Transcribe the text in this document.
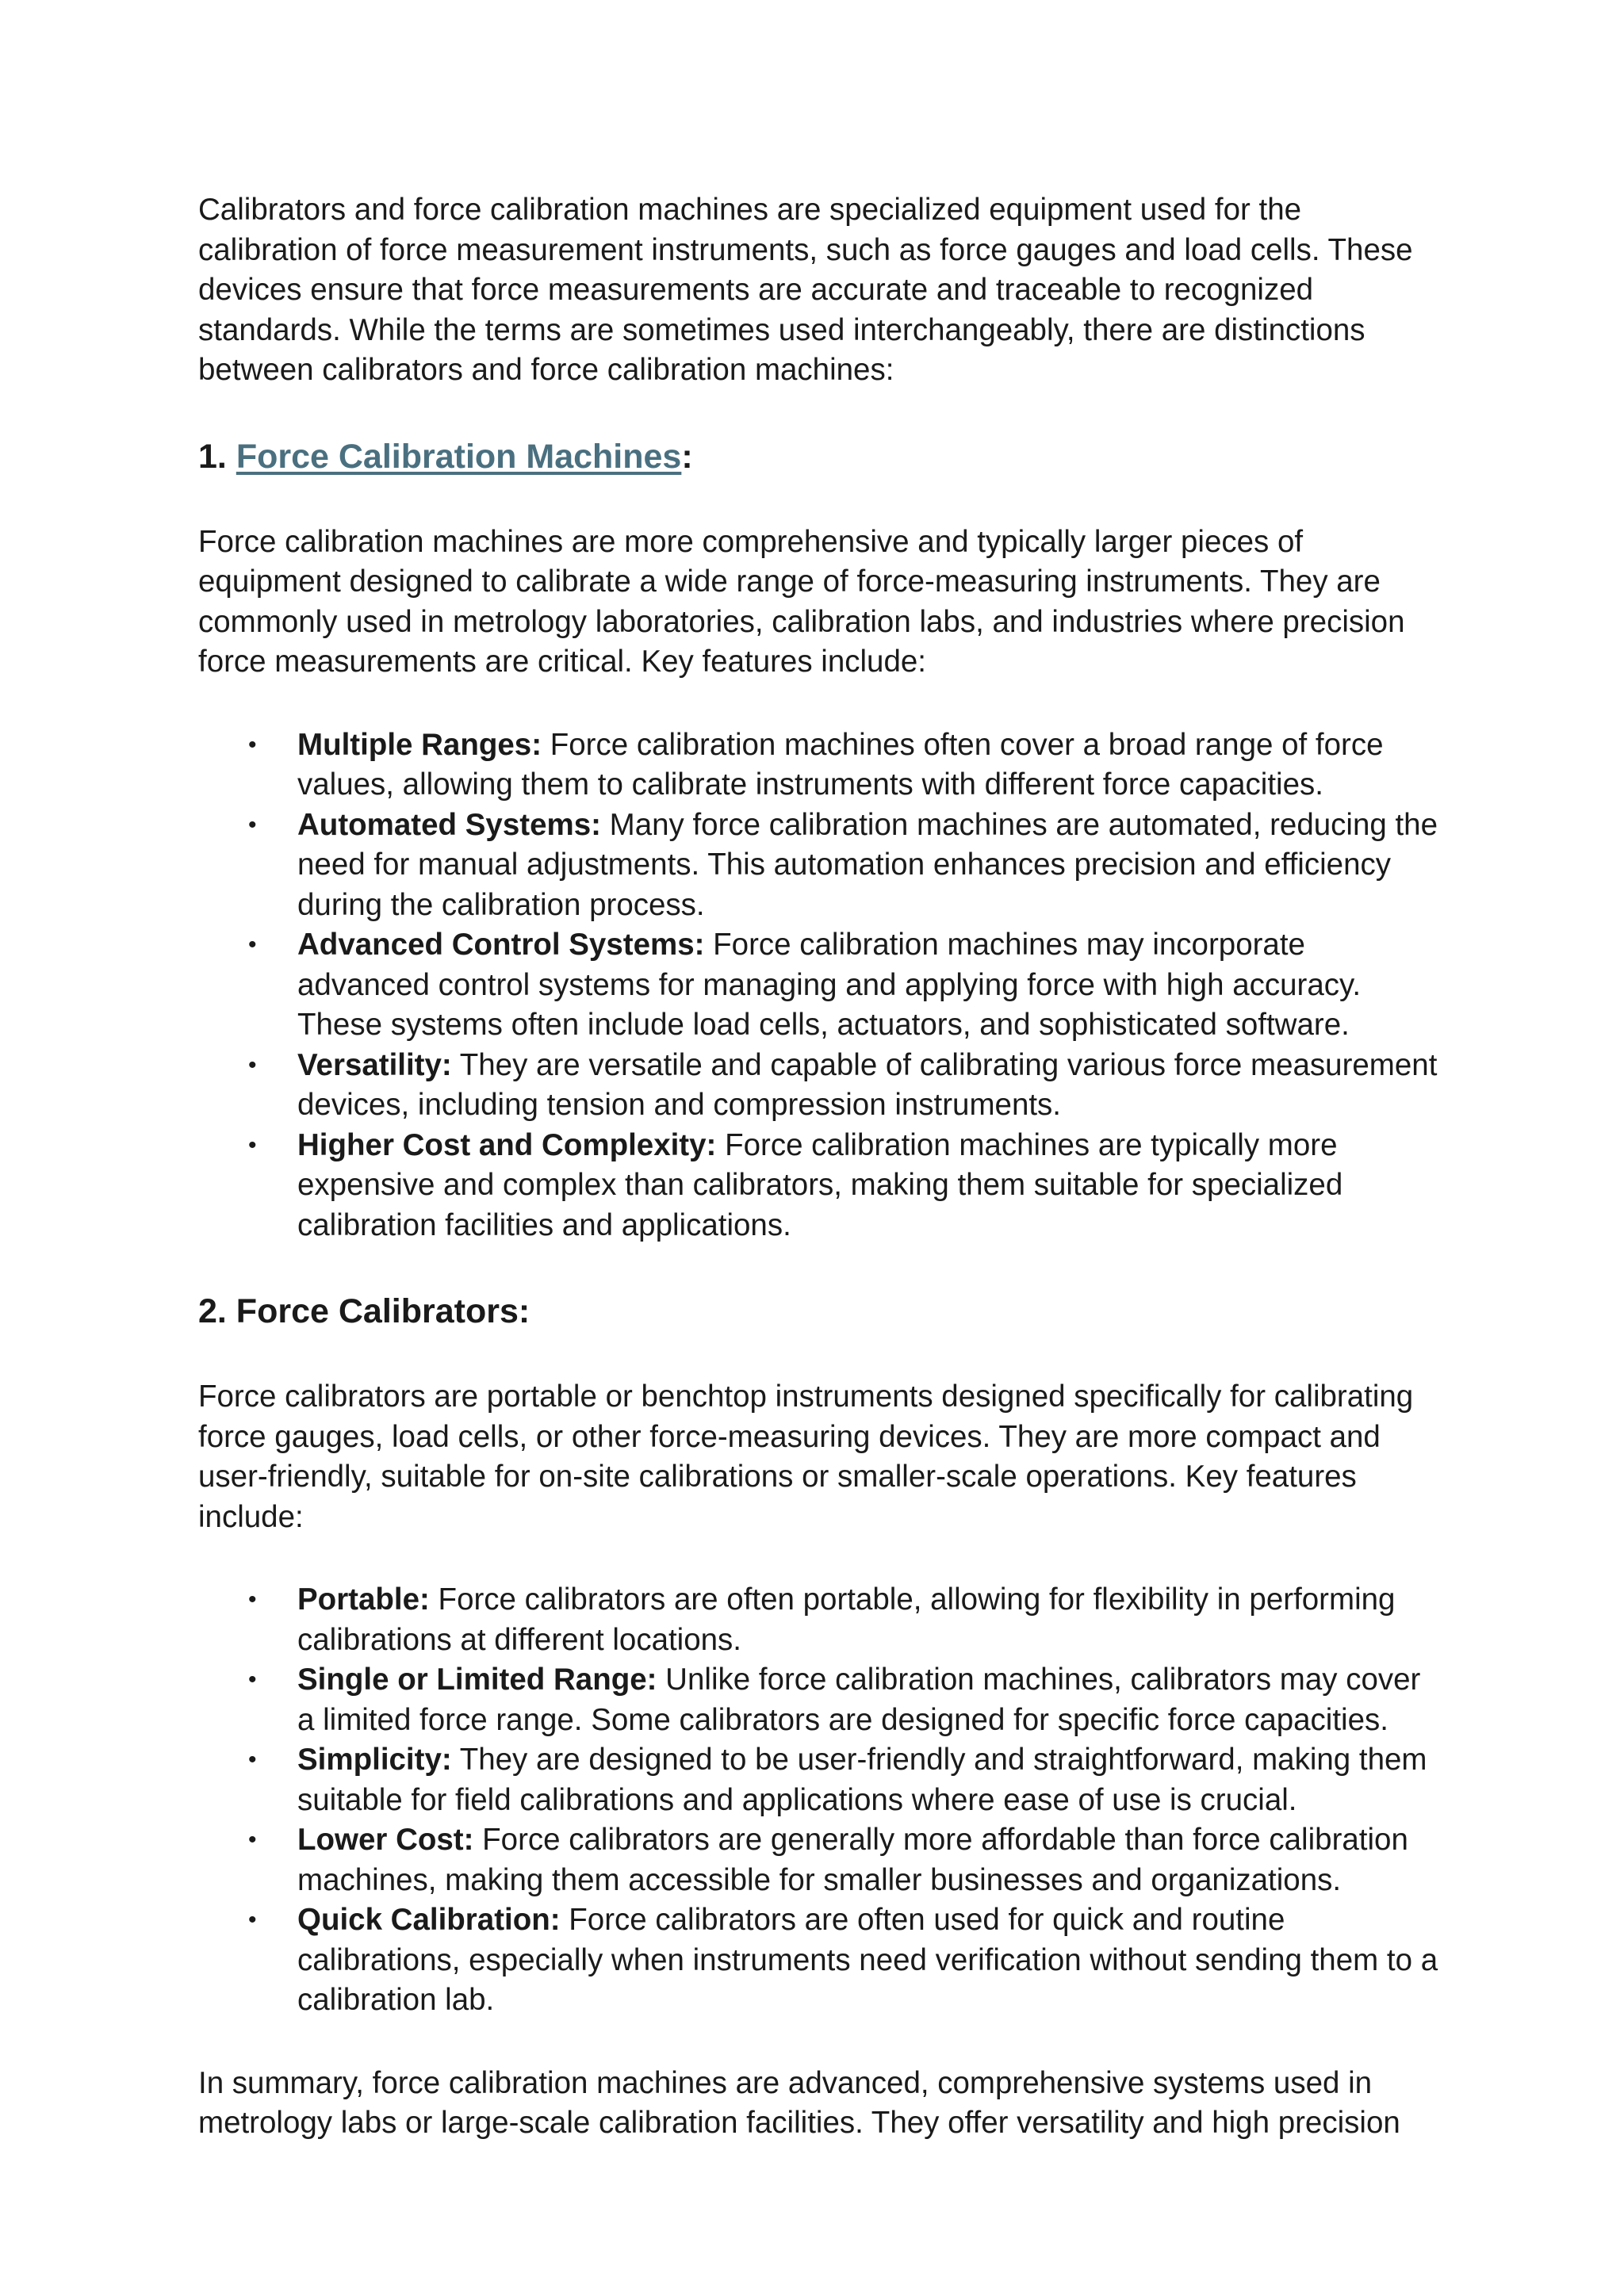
Calibrators and force calibration machines are specialized equipment used for the calibration of force measurement instruments, such as force gauges and load cells. These devices ensure that force measurements are accurate and traceable to recognized standards. While the terms are sometimes used interchangeably, there are distinctions between calibrators and force calibration machines:

1. Force Calibration Machines:

Force calibration machines are more comprehensive and typically larger pieces of equipment designed to calibrate a wide range of force-measuring instruments. They are commonly used in metrology laboratories, calibration labs, and industries where precision force measurements are critical. Key features include:

• Multiple Ranges: Force calibration machines often cover a broad range of force values, allowing them to calibrate instruments with different force capacities.
• Automated Systems: Many force calibration machines are automated, reducing the need for manual adjustments. This automation enhances precision and efficiency during the calibration process.
• Advanced Control Systems: Force calibration machines may incorporate advanced control systems for managing and applying force with high accuracy. These systems often include load cells, actuators, and sophisticated software.
• Versatility: They are versatile and capable of calibrating various force measurement devices, including tension and compression instruments.
• Higher Cost and Complexity: Force calibration machines are typically more expensive and complex than calibrators, making them suitable for specialized calibration facilities and applications.
2. Force Calibrators:

Force calibrators are portable or benchtop instruments designed specifically for calibrating force gauges, load cells, or other force-measuring devices. They are more compact and user-friendly, suitable for on-site calibrations or smaller-scale operations. Key features include:

• Portable: Force calibrators are often portable, allowing for flexibility in performing calibrations at different locations.
• Single or Limited Range: Unlike force calibration machines, calibrators may cover a limited force range. Some calibrators are designed for specific force capacities.
• Simplicity: They are designed to be user-friendly and straightforward, making them suitable for field calibrations and applications where ease of use is crucial.
• Lower Cost: Force calibrators are generally more affordable than force calibration machines, making them accessible for smaller businesses and organizations.
• Quick Calibration: Force calibrators are often used for quick and routine calibrations, especially when instruments need verification without sending them to a calibration lab.

In summary, force calibration machines are advanced, comprehensive systems used in metrology labs or large-scale calibration facilities. They offer versatility and high precision
